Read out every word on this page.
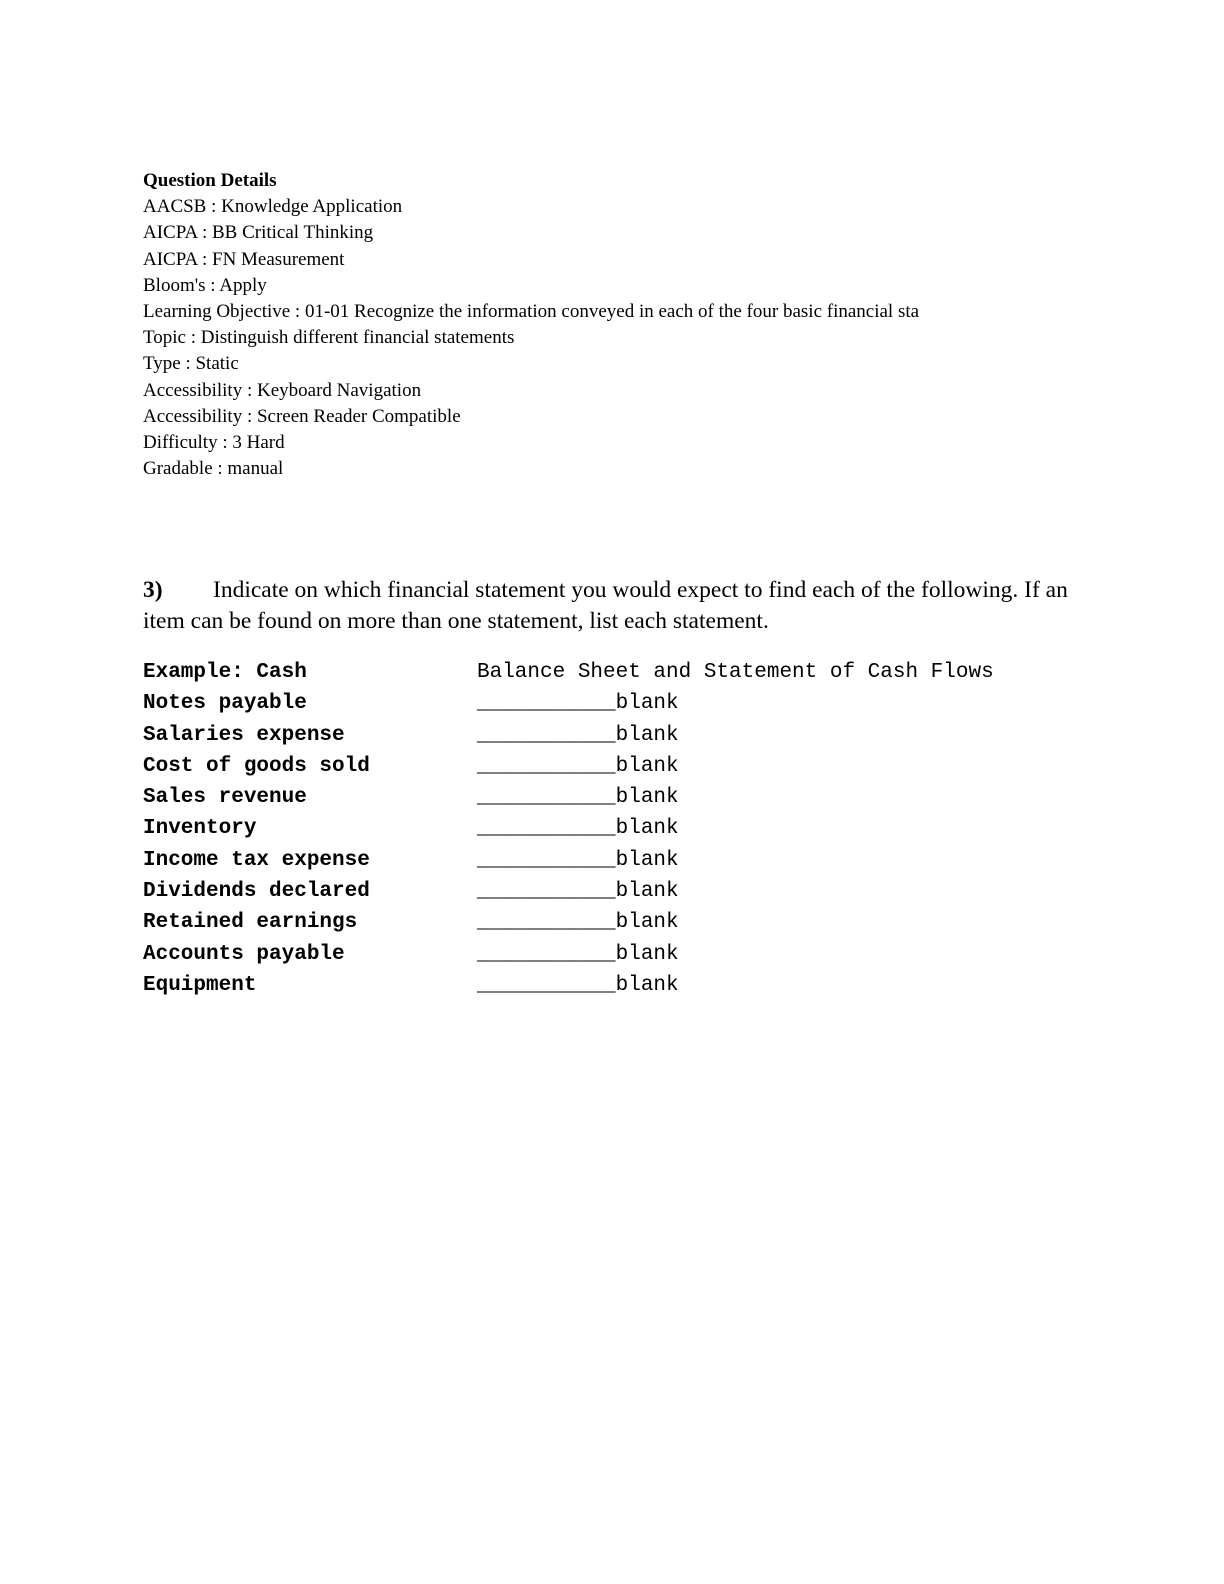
Question Details
AACSB : Knowledge Application
AICPA : BB Critical Thinking
AICPA : FN Measurement
Bloom's : Apply
Learning Objective : 01-01 Recognize the information conveyed in each of the four basic financial sta
Topic : Distinguish different financial statements
Type : Static
Accessibility : Keyboard Navigation
Accessibility : Screen Reader Compatible
Difficulty : 3 Hard
Gradable : manual
3) Indicate on which financial statement you would expect to find each of the following. If an item can be found on more than one statement, list each statement.
Example: Cash	Balance Sheet and Statement of Cash Flows
Notes payable	___________blank
Salaries expense	___________blank
Cost of goods sold	___________blank
Sales revenue	___________blank
Inventory	___________blank
Income tax expense	___________blank
Dividends declared	___________blank
Retained earnings	___________blank
Accounts payable	___________blank
Equipment	___________blank
